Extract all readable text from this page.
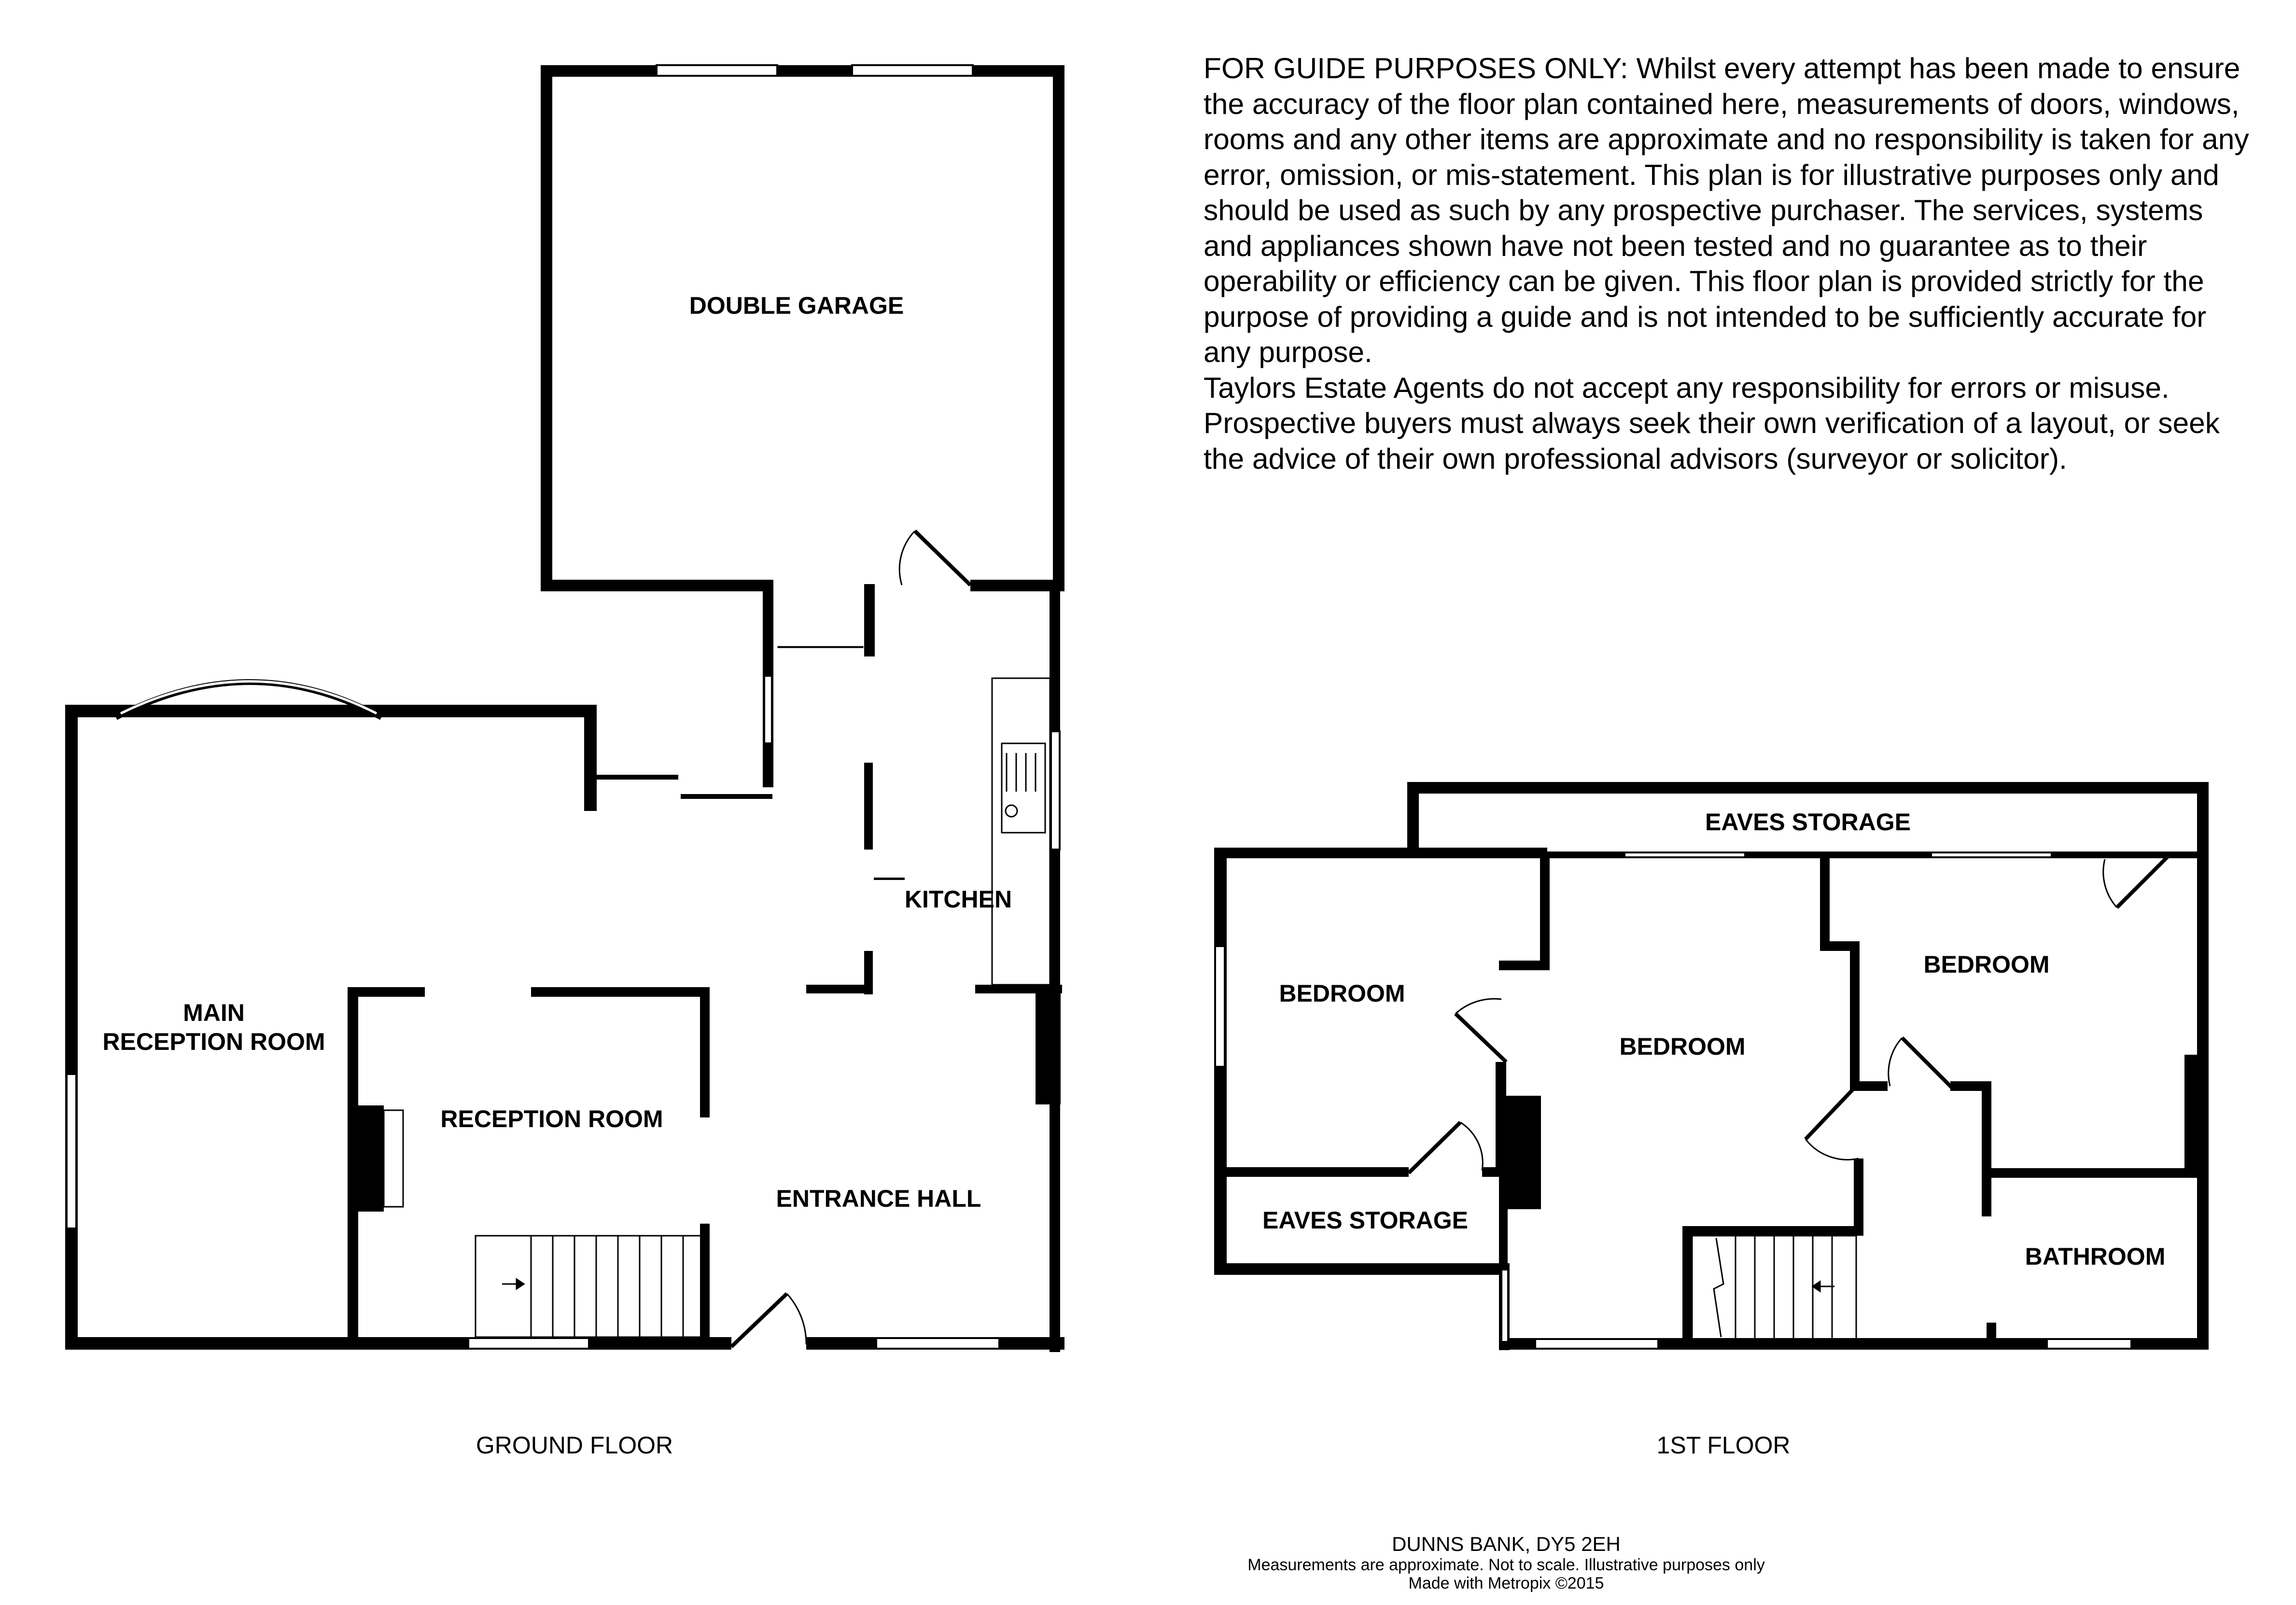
DOUBLE GARAGE
KITCHEN
MAIN
RECEPTION ROOM
RECEPTION ROOM
ENTRANCE HALL
EAVES STORAGE
BEDROOM
BEDROOM
BEDROOM
EAVES STORAGE
BATHROOM

FOR GUIDE PURPOSES ONLY: Whilst every attempt has been made to ensure the accuracy of the floor plan contained here, measurements of doors, windows, rooms and any other items are approximate and no responsibility is taken for any error, omission, or mis-statement. This plan is for illustrative purposes only and should be used as such by any prospective purchaser. The services, systems and appliances shown have not been tested and no guarantee as to their operability or efficiency can be given. This floor plan is provided strictly for the purpose of providing a guide and is not intended to be sufficiently accurate for any purpose.

Taylors Estate Agents do not accept any responsibility for errors or misuse. Prospective buyers must always seek their own verification of a layout, or seek the advice of their own professional advisors (surveyor or solicitor).

GROUND FLOOR	1ST FLOOR
DUNNS BANK, DY5 2EH
Measurements are approximate. Not to scale. Illustrative purposes only
Made with Metropix ©2015
